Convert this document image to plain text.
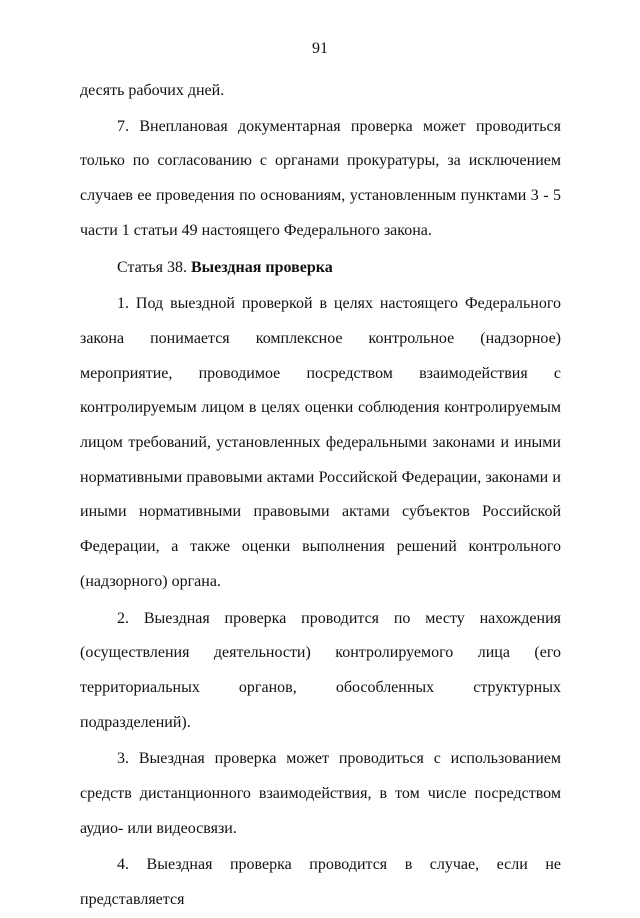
91

десять рабочих дней.

7. Внеплановая документарная проверка может проводиться только по согласованию с органами прокуратуры, за исключением случаев ее проведения по основаниям, установленным пунктами 3 - 5 части 1 статьи 49 настоящего Федерального закона.

Статья 38. Выездная проверка

1. Под выездной проверкой в целях настоящего Федерального закона понимается комплексное контрольное (надзорное) мероприятие, проводимое посредством взаимодействия с контролируемым лицом в целях оценки соблюдения контролируемым лицом требований, установленных федеральными законами и иными нормативными правовыми актами Российской Федерации, законами и иными нормативными правовыми актами субъектов Российской Федерации, а также оценки выполнения решений контрольного (надзорного) органа.

2. Выездная проверка проводится по месту нахождения (осуществления деятельности) контролируемого лица (его территориальных органов, обособленных структурных подразделений).

3. Выездная проверка может проводиться с использованием средств дистанционного взаимодействия, в том числе посредством аудио- или видеосвязи.

4. Выездная проверка проводится в случае, если не представляется
